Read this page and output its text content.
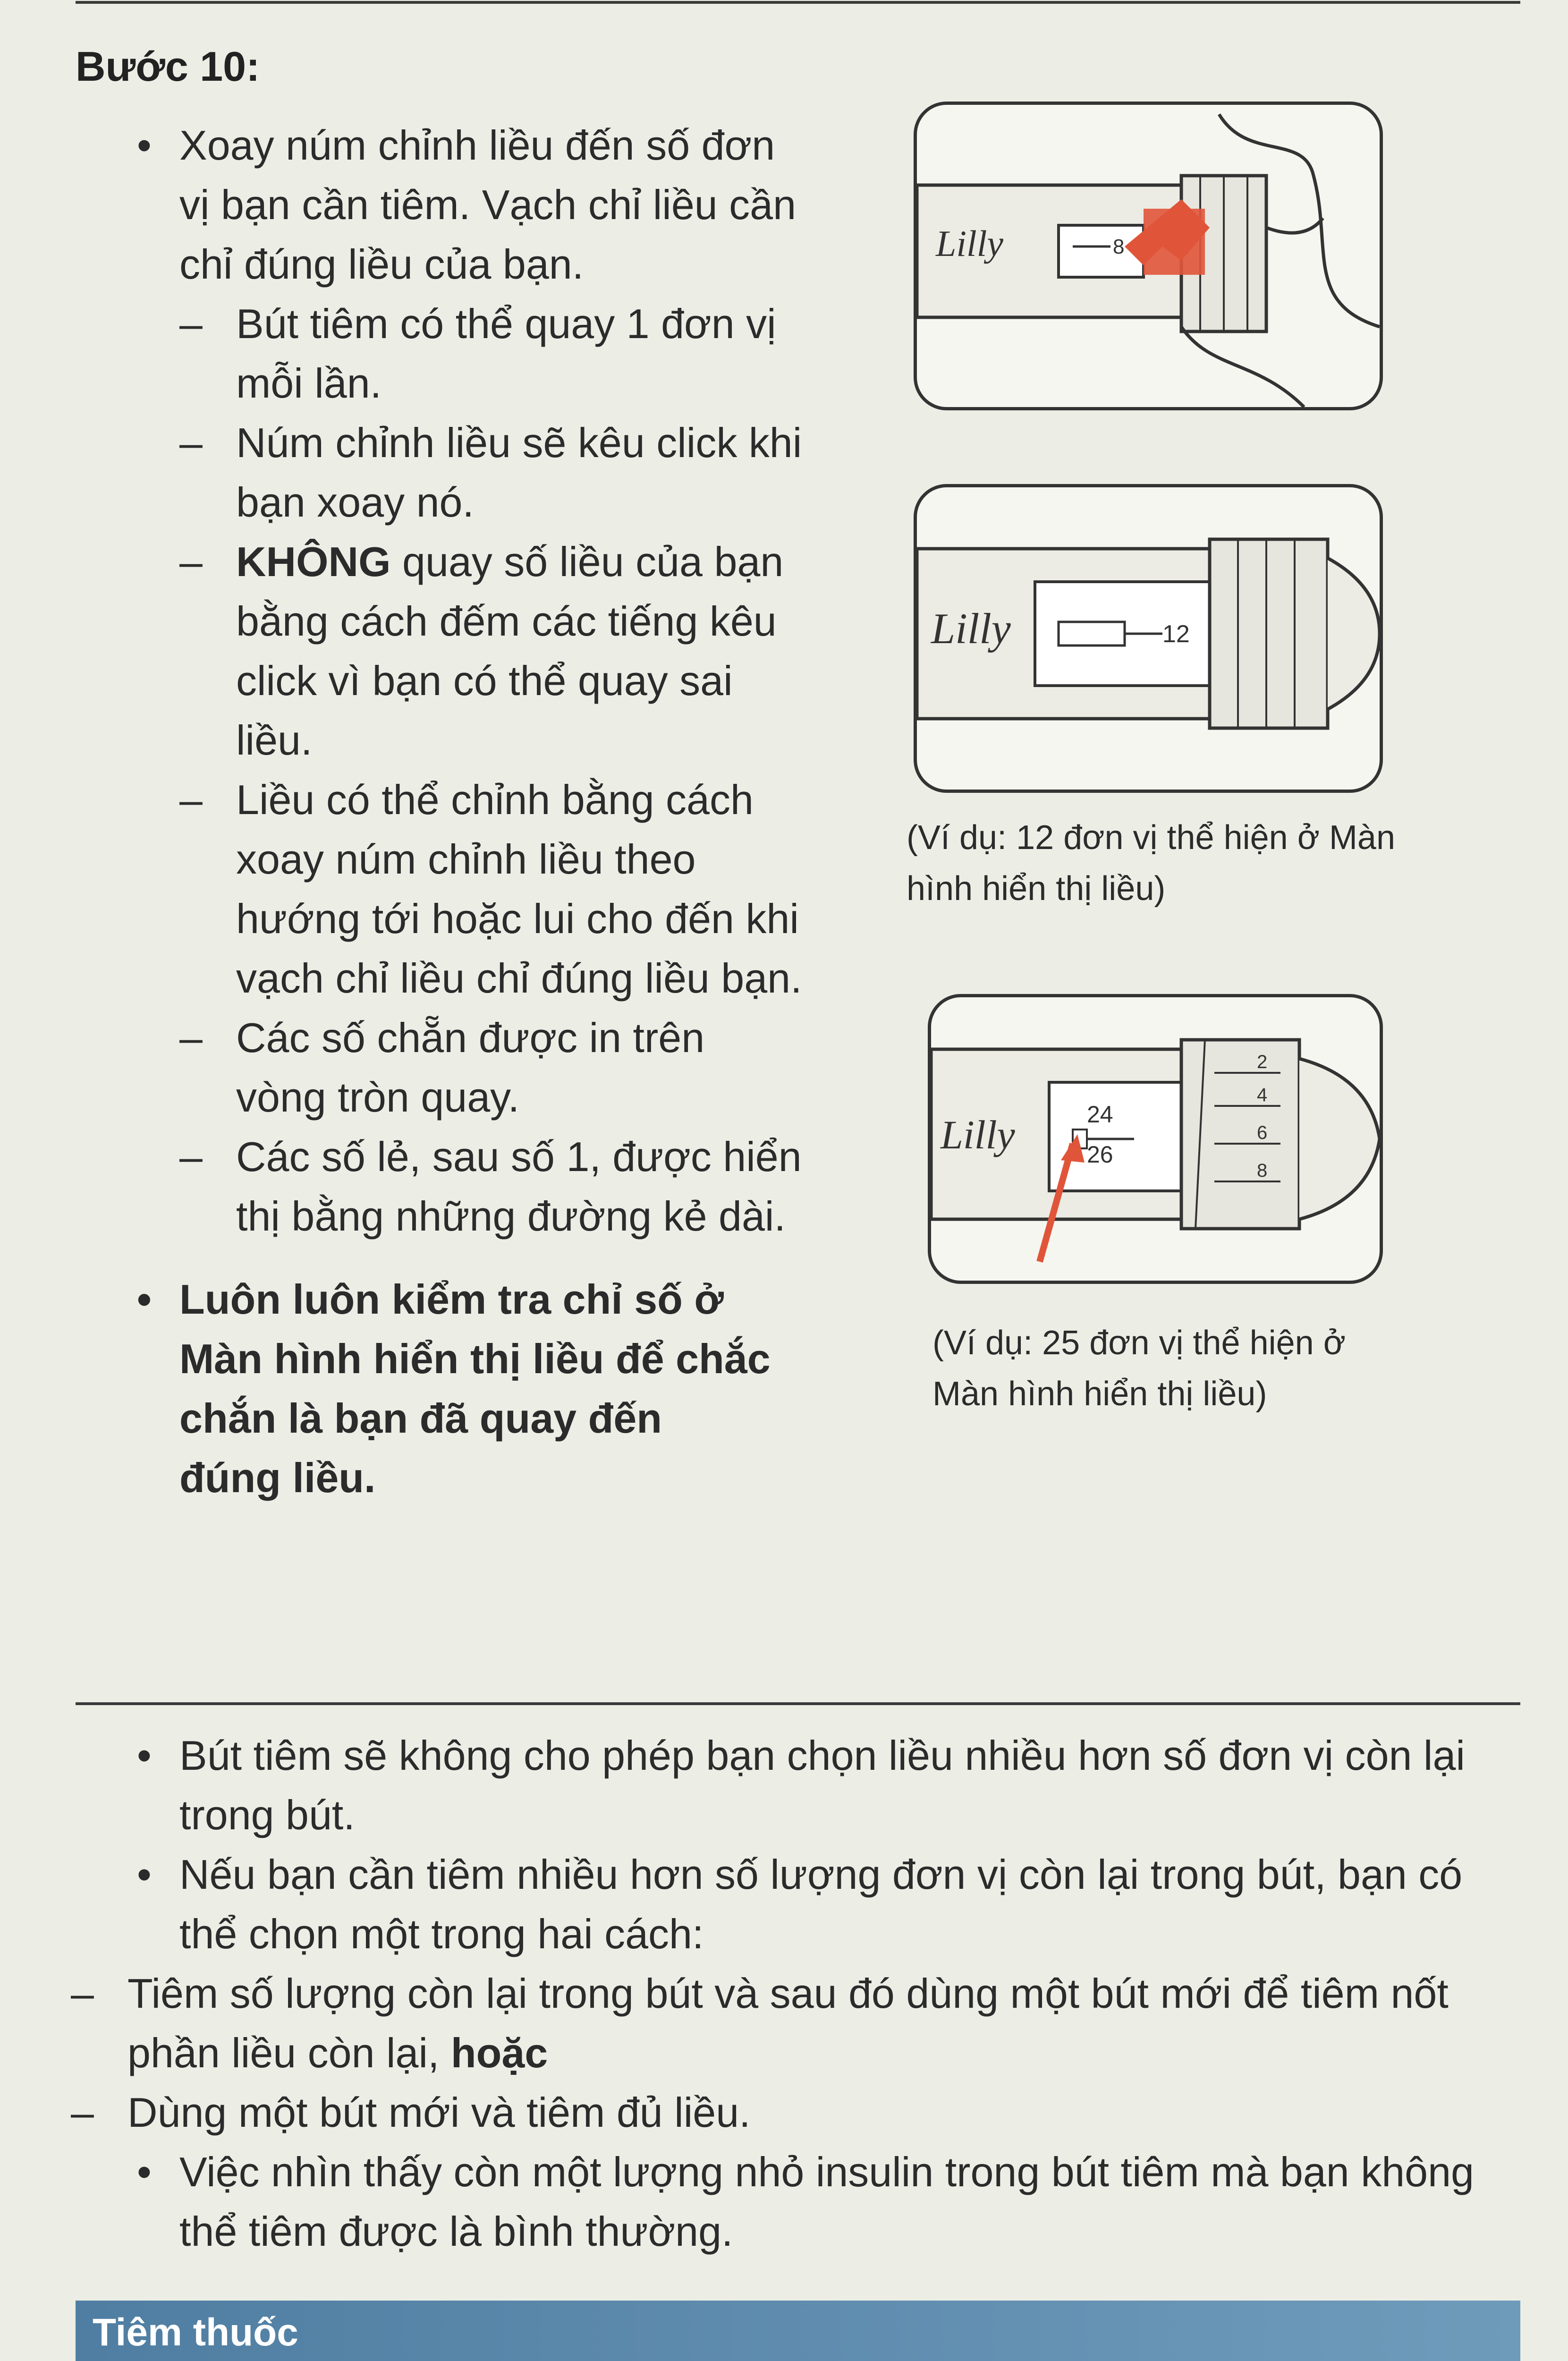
Bước 10:
• Xoay núm chỉnh liều đến số đơn vị bạn cần tiêm. Vạch chỉ liều cần chỉ đúng liều của bạn.
– Bút tiêm có thể quay 1 đơn vị mỗi lần.
– Núm chỉnh liều sẽ kêu click khi bạn xoay nó.
– KHÔNG quay số liều của bạn bằng cách đếm các tiếng kêu click vì bạn có thể quay sai liều.
– Liều có thể chỉnh bằng cách xoay núm chỉnh liều theo hướng tới hoặc lui cho đến khi vạch chỉ liều chỉ đúng liều bạn.
– Các số chẵn được in trên vòng tròn quay.
– Các số lẻ, sau số 1, được hiển thị bằng những đường kẻ dài.
• Luôn luôn kiểm tra chỉ số ở Màn hình hiển thị liều để chắc chắn là bạn đã quay đến đúng liều.
Lilly	8
Lilly	12
(Ví dụ: 12 đơn vị thể hiện ở Màn hình hiển thị liều)
Lilly	24
26
2
4
6
8
(Ví dụ: 25 đơn vị thể hiện ở Màn hình hiển thị liều)
• Bút tiêm sẽ không cho phép bạn chọn liều nhiều hơn số đơn vị còn lại trong bút.
• Nếu bạn cần tiêm nhiều hơn số lượng đơn vị còn lại trong bút, bạn có thể chọn một trong hai cách:
– Tiêm số lượng còn lại trong bút và sau đó dùng một bút mới để tiêm nốt phần liều còn lại, hoặc
– Dùng một bút mới và tiêm đủ liều.
• Việc nhìn thấy còn một lượng nhỏ insulin trong bút tiêm mà bạn không thể tiêm được là bình thường.
Tiêm thuốc
